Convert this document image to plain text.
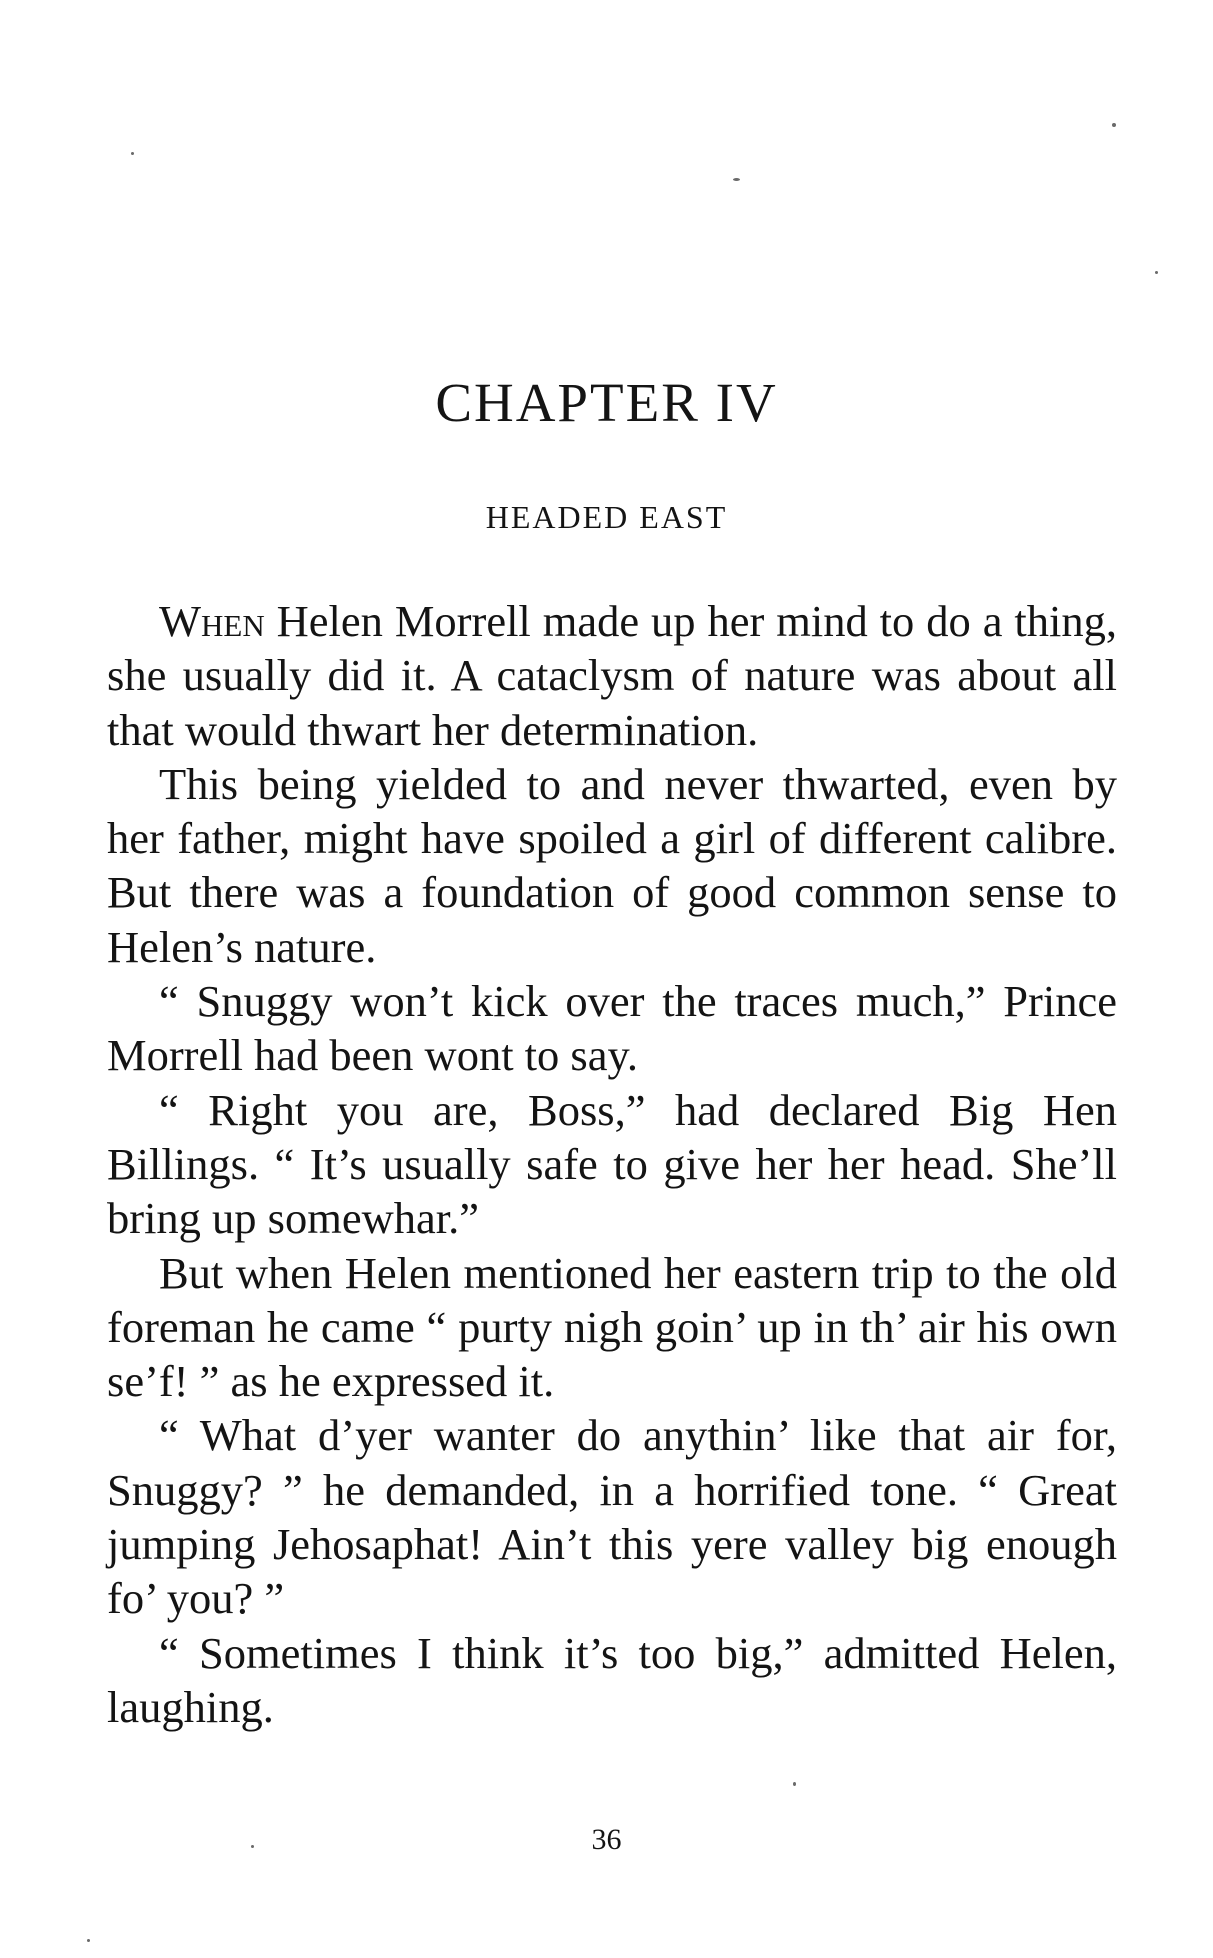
CHAPTER IV
HEADED EAST

When Helen Morrell made up her mind to do a thing, she usually did it. A cataclysm of nature was about all that would thwart her determination.

This being yielded to and never thwarted, even by her father, might have spoiled a girl of different calibre. But there was a foundation of good common sense to Helen’s nature.

“ Snuggy won’t kick over the traces much,” Prince Morrell had been wont to say.

“ Right you are, Boss,” had declared Big Hen Billings. “ It’s usually safe to give her her head. She’ll bring up somewhar.”

But when Helen mentioned her eastern trip to the old foreman he came “ purty nigh goin’ up in th’ air his own se’f! ” as he expressed it.

“ What d’yer wanter do anythin’ like that air for, Snuggy? ” he demanded, in a horrified tone. “ Great jumping Jehosaphat! Ain’t this yere valley big enough fo’ you? ”

“ Sometimes I think it’s too big,” admitted Helen, laughing.

36
